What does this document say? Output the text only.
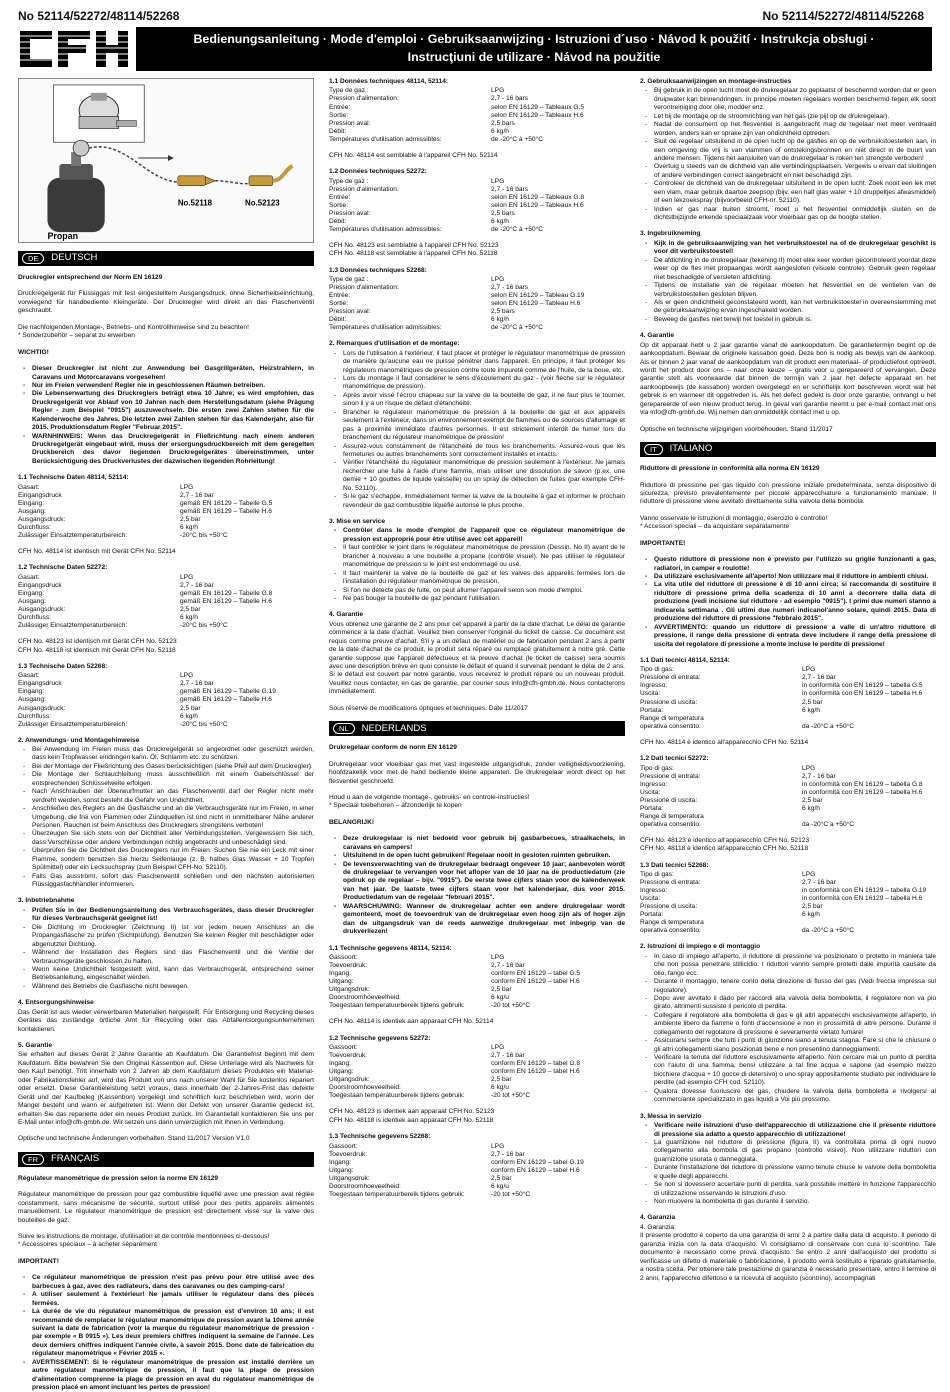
No 52114/52272/48114/52268	No 52114/52272/48114/52268
Bedienungsanleitung · Mode d'emploi · Gebruiksaanwijzing · Istruzioni d´uso · Návod k použití · Instrukcja obsługi ·
Instrucţiuni de utilizare · Návod na použitie
Propan
No.52118	No.52123
DE	DEUTSCH
Druckregler entsprechend der Norm EN 16129
Druckregelgerät für Flüssiggas mit fest eingestelltem Ausgangsdruck, ohne Sicherheitseinrichtung, vorwiegend für handbediente Kleingeräte. Der Druckregler wird direkt an das Flaschenventil geschraubt.
Die nachfolgenden Montage-, Betriebs- und Kontrollhinweise sind zu beachten!
* Sonderzubehör – separat zu erwerben
WICHTIG!
- Dieser Druckregler ist nicht zur Anwendung bei Gasgrillgeräten, Heizstrahlern, in Caravans und Motorcaravans vorgesehen!
- Nur im Freien verwenden! Regler nie in geschlossenen Räumen betreiben.
- Die Lebenserwartung des Druckreglers beträgt etwa 10 Jahre; es wird empfohlen, das Druckregelgerät vor Ablauf von 10 Jahren nach dem Herstellungsdatum (siehe Prägung Regler - zum Beispiel "0915") auszuwechseln. Die ersten zwei Zahlen stehen für die Kalenderwoche des Jahres. Die letzten zwei Zahlen stehen für das Kalenderjahr, also für 2015. Produktionsdatum Regler "Februar 2015".
- WARNHINWEIS: Wenn das Druckregelgerät in Fließrichtung nach einem anderen Druckregelgerät eingebaut wird, muss der ersorgungsdruckbereich mit dem geregelten Druckbereich des davor liegenden Druckregelgerätes übereinstimmen, unter Berücksichtigung des Druckverlustes der dazwischen liegenden Rohrleitung!
1.1 Technische Daten 48114, 52114:
Gasart:	LPG
Eingangsdruck	2,7 - 16 bar
Eingang:	gemäß EN 16129 – Tabelle G.5
Ausgang:	gemäß EN 16129 – Tabelle H.6
Ausgangsdruck:	2,5 bar
Durchfluss:	6 kg/h
Zulässiger Einsatztemperaturbereich:	-20°C bis +50°C
CFH No. 48114 ist identisch mit Gerät CFH No. 52114
1.2 Technische Daten 52272:
Gasart:	LPG
Eingangsdruck	2,7 - 16 bar
Eingang:	gemäß EN 16129 – Tabelle G.8
Ausgang:	gemäß EN 16129 – Tabelle H.6
Ausgangsdruck:	2,5 bar
Durchfluss:	6 kg/h
Zulässiger Einsatztemperaturbereich:	-20°C bis +50°C
CFH No. 48123 ist identisch mit Gerät CFH No. 52123
CFH No. 48118 ist identisch mit Gerät CFH No. 52118
1.3 Technische Daten 52268:
Gasart:	LPG
Eingangsdruck	2,7 - 16 bar
Eingang:	gemäß EN 16129 – Tabelle G.19
Ausgang:	gemäß EN 16129 – Tabelle H.6
Ausgangsdruck:	2,5 bar
Durchfluss:	6 kg/h
Zulässiger Einsatztemperaturbereich:	-20°C bis +50°C
2. Anwendungs- und Montagehinweise
- Bei Anwendung im Freien muss das Druckregelgerät so angeordnet oder geschützt werden, dass kein Tropfwasser eindringen kann. Öl, Schlamm etc. zu schützen.
- Bei der Montage der Fließrichtung des Gases berücksichtigen (siehe Pfeil auf dem Druckregler).
- Die Montage der Schlauchleitung muss ausschließlich mit einem Gabelschlüssel der entsprechenden Schlüsselweite erfolgen.
- Nach Anschrauben der Überwurfmutter an das Flaschenventil darf der Regler nicht mehr verdreht werden, sonst besteht die Gefahr von Undichtheit.
- Anschließen des Reglers an die Gasflasche und an die Verbrauchsgeräte nur im Freien, in einer Umgebung, die frei von Flammen oder Zündquellen ist und nicht in unmittelbarer Nähe anderer Personen. Rauchen ist beim Anschluss des Druckreglers strengstens verboten!
- Überzeugen Sie sich stets von der Dichtheit aller Verbindungsstellen. Vergewissern Sie sich, dass Verschlüsse oder andere Verbindungen richtig angebracht und unbeschädigt sind.
- Überprüfen Sie die Dichtheit des Druckreglers nur im Freien. Suchen Sie nie ein Leck mit einer Flamme, sondern benutzen Sie hierzu Seifenlauge (z. B. halbes Glas Wasser + 10 Tropfen Spülmittel) oder ein Lecksuchspray (zum Beispiel CFH-No. 52110).
- Falls Gas ausströmt, sofort das Flaschenventil schließen und den nächsten autorisierten Flüssiggasfachhändler informieren.
3. Inbetriebnahme
- Prüfen Sie in der Bedienungsanleitung des Verbrauchsgerätes, dass dieser Druckregler für dieses Verbrauchsgerät geeignet ist!
- Die Dichtung im Druckregler (Zeichnung II) ist vor jedem neuen Anschluss an die Propangasflasche zu prüfen (Sichtprüfung). Benutzen Sie keinen Regler mit beschädigter oder abgenutzter Dichtung.
- Während der Installation des Reglers sind das Flaschenventil und die Ventile der Verbrauchsgeräte geschlossen zu halten.
- Wenn keine Undichtheit festgestellt wird, kann das Verbrauchsgerät, entsprechend seiner Betriebsanleitung, eingeschaltet werden.
- Während des Betriebs die Gasflasche nicht bewegen.
4. Entsorgungshinweise
Das Gerät ist aus wieder verwertbaren Materialien hergestellt. Für Entsorgung und Recycling dieses Gerätes das zuständige örtliche Amt für Recycling oder das Abfallentsorgungsunternehmen kontaktieren.
5. Garantie
Sie erhalten auf dieses Gerät 2 Jahre Garantie ab Kaufdatum. Die Garantiefrist beginnt mit dem Kaufdatum. Bitte bewahren Sie den Original Kassenbon auf. Diese Unterlage wird als Nachweis für den Kauf benötigt. Tritt innerhalb von 2 Jahren ab dem Kaufdatum dieses Produktes ein Material- oder Fabrikationsfehler auf, wird das Produkt von uns nach unserer Wahl für Sie kostenlos repariert oder ersetzt. Diese Garantieleistung setzt voraus, dass innerhalb der 2-Jahres-Frist das defekte Gerät und der Kaufbeleg (Kassenbon) vorgelegt und schriftlich kurz beschrieben wird, worin der Mangel besteht und wann er aufgetreten ist. Wenn der Defekt von unserer Garantie gedeckt ist, erhalten Sie das reparierte oder ein neues Produkt zurück. Im Garantiefall kontaktieren Sie uns per E-Mail unter info@cfh-gmbh.de. Wir setzen uns dann unverzüglich mit Ihnen in Verbindung.
Optische und technische Änderungen vorbehalten. Stand 11/2017 Version V1.0
FR	FRANÇAIS
Régulateur manométrique de pression selon la norme EN 16129
Régulateur manométrique de pression pour gaz combustible liquéfié avec une pression aval réglée constamment, sans mécanisme de sécurité, surtout utilisé pour des petits appareils alimentés manuellement. Le régulateur manométrique de pression est directement vissé sur la valve des bouteilles de gaz.
Suive les instructions de montage, d'utilisation et de contrôle mentionnées ci-dessous!
* Accessoires spéciaux – à acheter séparément
IMPORTANT!
- Ce régulateur manométrique de pression n'est pas prévu pour être utilisé avec des barbecues à gaz, avec des radiateurs, dans des caravanes ou des camping-cars!
- A utiliser seulement à l'extérieur! Ne jamais utiliser le régulateur dans des pièces fermées.
- La durée de vie du régulateur manométrique de pression est d'environ 10 ans; il est recommandé de remplacer le régulateur manométrique de pression avant la 10ème année suivant la date de fabrication (voir la marque du régulateur manométrique de pression - par exemple « B 0915 »). Les deux premiers chiffres indiquent la semaine de l'année. Les deux derniers chiffres indiquent l'année civile, à savoir 2015. Donc date de fabrication du régulateur manométrique « Février 2015 ».
- AVERTISSEMENT: Si le régulateur manométrique de pression est installé derrière un autre régulateur manométrique de pression, il faut que la plage de pression d'alimentation comprenne la plage de pression en aval du régulateur manométrique de pression placé en amont incluant les pertes de pression!
1.1 Données techniques 48114, 52114:
Type de gaz :	LPG
Pression d'alimentation:	2,7 - 16 bars
Entrée:	selon EN 16129 – Tableaux G.5
Sortie:	selon EN 16129 – Tableaux H.6
Pression aval:	2,5 bars
Débit:	6 kg/h
Températures d'utilisation admissibles:	de -20°C à +50°C
CFH No. 48114 est semblable à l'appareil CFH No. 52114
1.2 Données techniques 52272:
Type de gaz :	LPG
Pression d'alimentation:	2,7 - 16 bars
Entrée:	selon EN 16129 – Tableaux G.8
Sortie:	selon EN 16129 – Tableaux H.6
Pression aval:	2,5 bars
Débit:	6 kg/h
Températures d'utilisation admissibles:	de -20°C à +50°C
CFH No. 48123 est semblable à l'appareil CFH No. 52123
CFH No. 48118 est semblable à l'appareil CFH No. 52118
1.3 Données techniques 52268:
Type de gaz :	LPG
Pression d'alimentation:	2,7 - 16 bars
Entrée:	selon EN 16129 – Tableau G.19
Sortie:	selon EN 16129 – Tableau H.6
Pression aval:	2,5 bars
Débit:	6 kg/h
Températures d'utilisation admissibles:	de -20°C à +50°C
2. Remarques d'utilisation et de montage:
- Lors de l'utilisation à l'extérieur, il faut placer et protéger le régulateur manométrique de pression de manière qu'aucune eau ne puisse pénétrer dans l'appareil. En principe, il faut protéger les régulateurs manométriques de pression contre toute impureté comme de l'huile, de la boue, etc.
- Lors du montage il faut considérer le sens d'écoulement du gaz - (voir flèche sur le régulateur manométrique de pression).
- Après avoir vissé l'écrou chapeau sur la valve de la bouteille de gaz, il ne faut plus le tourner, sinon il y a un risque de défaut d'étanchéité.
- Brancher le régulateur manométrique de pression à la bouteille de gaz et aux appareils seulement à l'extérieur, dans un environnement exempt de flammes ou de sources d'allumage et pas à proximité immédiate d'autres personnes. Il est strictement interdit de fumer lors du branchement du régulateur manométrique de pression!
- Assurez-vous constamment de l'étanchéité de tous les branchements. Assurez-vous que les fermetures ou autres branchements sont correctement installés et intacts.
- Vérifier l'étanchéité du régulateur manométrique de pression seulement à l'extérieur. Ne jamais rechercher une fuite à l'aide d'une flamme, mais utiliser une dissolution de savon (p.ex. une demie + 10 gouttes de liquide vaisselle) ou un spray de détection de fuites (par exemple CFH-No. 52110).
- Si le gaz s'échappe, immédiatement fermer la valve de la bouteille à gaz et informer le prochain revendeur de gaz combustible liquéfié autorisé le plus proche.
3. Mise en service
- Contrôler dans le mode d'emploi de l'appareil que ce régulateur manométrique de pression est approprié pour être utilisé avec cet appareil!
- Il faut contrôler le joint dans le régulateur manométrique de pression (Dessin. No II) avant de le brancher à nouveau à une bouteille à propane (contrôle visuel). Ne pas utiliser le régulateur manométrique de pression si le joint est endommagé ou usé.
- Il faut maintenir la valve de la bouteille de gaz et les valves des appareils fermées lors de l'installation du régulateur manométrique de pression.
- Si l'on ne détecte pas de fuite, on peut allumer l'appareil selon son mode d'emploi.
- Ne pas bouger la bouteille de gaz pendant l'utilisation.
4. Garantie
Vous obtenez une garantie de 2 ans pour cet appareil à partir de la date d'achat. Le délai de garantie commence à la date d'achat. Veuillez bien conserver l'original du ticket de caisse. Ce document est requis comme preuve d'achat. S'il y a un défaut de matériel ou de fabrication pendant 2 ans à partir de la date d'achat de ce produit, le produit sera réparé ou remplacé gratuitement à notre gré. Cette garantie suppose que l'appareil défectueux et la preuve d'achat (le ticket de caisse) sera soumis avec une description brève en quoi consiste le défaut et quand il survenait pendant le délai de 2 ans. Si le défaut est couvert par notre garantie, vous recevrez le produit réparé ou un nouveau produit. Veuillez nous contacter, en cas de garantie, par courier sous info@cfh-gmbh.de. Nous contacterons immédiatement.
Sous réserve de modifications optiques et techniques. Date 11/2017
NL	NEDERLANDS
Drukregelaar conform de norm EN 16129
Drukregelaar voor vloeibaar gas met vast ingestelde uitgangsdruk, zonder veiligheidsvoorziening, hoofdzakelijk voor met de hand bediende kleine apparaten. De drukregelaar wordt direct op het flesventiel geschroefd.
Houd u aan de volgende montage-, gebruiks- en controle-instructies!
* Speciaal toebehoren – afzonderlijk te kopen
BELANGRIJK!
- Deze drukregelaar is niet bedoeld voor gebruik bij gasbarbecues, straalkachels, in caravans en campers!
- Uitsluitend in de open lucht gebruiken! Regelaar nooit in gesloten ruimten gebruiken.
- De levensverwachting van de drukregelaar bedraagt ongeveer 10 jaar; aanbevolen wordt de drukregelaar te vervangen voor het afloper van de 10 jaar na de productiedatum (zie opdruk op de regelaar – bijv. "0915"). De eerste twee cijfers staan voor de kalenderweek van het jaar. De laatste twee cijfers staan voor het kalenderjaar, dus voor 2015. Productiedatum van de regelaar "februari 2015".
- WAARSCHUWING: Wanneer de drukregelaar achter een andere drukregelaar wordt gemonteerd, moet de toevoerdruk van de drukregelaar even hoog zijn als of hoger zijn dan de uitgangsdruk van de reeds aanwezige drukregelaar met inbegrip van de drukverliezen!
1.1 Technische gegevens 48114, 52114:
Gassoort:	LPG
Toevoerdruk:	2,7 - 16 bar
Ingang:	conform EN 16129 – tabel G.5
Uitgang:	conform EN 16129 – tabel H.6
Uitgangsdruk:	2,5 bar
Doorstroomhoeveelheid:	6 kg/u
Toegestaan temperatuurbereik tijdens gebruik:	-20 tot +50°C
CFH No. 48114 is identiek aan apparaat CFH No. 52114
1.2 Technische gegevens 52272:
Gassoort:	LPG
Toevoerdruk:	2,7 - 16 bar
Ingang:	conform EN 16129 – tabel G.8
Uitgang:	conform EN 16129 – tabel H.6
Uitgangsdruk:	2,5 bar
Doorstroomhoeveelheid:	6 kg/u

Toegestaan temperatuurbereik tijdens gebruik:	-20 tot +50°C
CFH No. 48123 is identiek aan apparaat CFH No. 52123
CFH No. 48118 is identiek aan apparaat CFH No. 52118
1.3 Technische gegevens 52268:
Gassoort:	LPG
Toevoerdruk:	2,7 - 16 bar
Ingang:	conform EN 16129 – tabel G.19
Uitgang:	conform EN 16129 – tabel H.6
Uitgangsdruk:	2,5 bar
Doorstroomhoeveelheid:	6 kg/u
Toegestaan temperatuurbereik tijdens gebruik:	-20 tot +50°C
2. Gebruiksaanwijzingen en montage-instructies
- Bij gebruik in de open lucht moet de drukregelaar zo geplaatst of beschermd worden dat er geen druipwater kan binnendringen. In principe moeten regelaars worden beschermd tegen elk soort verontreiniging door olie, modder enz.
- Let bij de montage op de stroomrichting van het gas (zie pijl op de drukregelaar).
- Nadat de consument op het flesventiel is aangebracht mag de regelaar niet meer verdraaid worden, anders kan er sprake zijn van ondichtheid optreden.
- Sluit de regelaar uitsluitend in de open lucht op de gasfles en op de verbruikstoestellen aan, in een omgeving die vrij is van vlammen of ontstekingsbronnen en niet direct in de buurt van andere mensen. Tijdens het aansluiten van de drukregelaar is roken ten strengste verboden!
- Overtuig u steeds van de dichtheid van alle verbindingsplaatsen. Vergewis u ervan dat sluitingen of andere verbindingen correct aangebracht en niet beschadigd zijn.
- Controleer de dichtheid van de drukregelaar uitsluitend in de open lucht. Zoek nooit een lek met een vlam, maar gebruik daartoe zeepsop (bijv. een half glas water + 10 druppeltjes afwasmiddel) of een lekzoekspray (bijvoorbeeld CFH-nr. 52110).
- Indien er gas naar buiten stroomt, moet u het flesventiel onmiddellijk sluiten en de dichtstbijzijnde erkende speciaalzaak voor vloeibaar gas op de hoogte stellen.
3. Ingebruikneming
- Kijk in de gebruiksaanwijzing van het verbruikstoestel na of de drukregelaar geschikt is voor dit verbruikstoestel!
- De afdichting in de drukregelaar (tekening II) moet elke keer worden gecontroleerd voordat deze weer op de fles met propaangas wordt aangesloten (visuele controle). Gebruik geen regelaar met beschadigde of versleten afdichting.
- Tijdens de installatie van de regelaar moeten het flesventiel en de ventielen van de verbruikstoestellen gesloten blijven.
- Als er geen ondichtheid geconstateerd wordt, kan het verbruikstoestel in overeenstemming met de gebruiksaanwijzing ervan ingeschakeld worden.
- Beweeg de gasfles niet terwijl het toestel in gebruik is.
4. Garantie
Op dit apparaat hebt u 2 jaar garantie vanaf de aankoopdatum. De garantietermijn begint op de aankoopdatum. Bewaar de originele kassabon goed. Deze bon is nodig als bewijs van de aankoop. Als er binnen 2 jaar vanaf de aankoopdatum van dit product een materiaal- of productiefout optreedt, wordt het product door ons – naar onze keuze – gratis voor u gerepareerd of vervangen. Deze garantie stelt als voorwaarde dat binnen de termijn van 2 jaar het defecte apparaat en het aankoopbewijs (de kassabon) worden overgelegd en er schriftelijk kort beschreven wordt wat het gebrek is en wanneer dit opgetreden is. Als het defect gedekt is door onze garantie, ontvangt u het gerepareerde of een nieuw product terug. In geval van garantie neemt u per e-mail contact met ons via info@cfh-gmbh.de. Wij nemen dan onmiddellijk contact met u op.
Optische en technische wijzigingen voorbehouden. Stand 11/2017
IT	ITALIANO
Riduttore di pressione in conformità alla norma EN 16129
Riduttore di pressione per gas liquido con pressione iniziale predeterminata, senza dispositivo di sicurezza, previsto prevalentemente per piccole apparecchiature a funzionamento manuale. Il riduttore di pressione viene avvitato direttamente sulla valvola della bombola.
Vanno osservate le istruzioni di montaggio, esercizio e controllo!
* Accessori speciali – da acquistare separatamente
IMPORTANTE!
- Questo riduttore di pressione non è previsto per l'utilizzo su griglie funzionanti a gas, radiatori, in camper e roulotte!
- Da utilizzare esclusivamente all'aperto! Non utilizzare mai il riduttore in ambienti chiusi.
- La vita utile del riduttore di pressione è di 10 anni circa; si raccomanda di sostituire il riduttore di pressione prima della scadenza di 10 anni a decorrere dalla data di produzione (vedi incisione sul riduttore - ad esempio "0915"). I primi due numeri stanno a indicarela settimana . Gli ultimi due numeri indicanol'anno solare, quindi 2015. Data di produzione del riduttore di pressione "febbraio 2015".
- AVVERTIMENTO: quando un riduttore di pressione a valle di un'altro riduttore di pressione, il range della pressione di entrata deve includere il range della pressione di uscita del regolatore di pressione a monte incluse le perdite di pressione!
1.1 Dati tecnici 48114, 52114:
Tipo di gas:	LPG
Pressione di entrata:	2,7 - 16 bar
Ingresso:	in conformità con EN 16129 – tabella G.5
Uscita:	in conformità con EN 16129 – tabella H.6
Pressione di uscita:	2,5 bar
Portata:	6 kg/h
Range di temperatura	
operativa consentito:	da -20°C a +50°C
CFH No. 48114 è identico all'apparecchio CFH No. 52114
1.2 Dati tecnici 52272:
Tipo di gas:	LPG
Pressione di entrata:	2,7 - 16 bar
Ingresso:	in conformità con EN 16129 – tabella G.8
Uscita:	in conformità con EN 16129 – tabella H.6
Pressione di uscita:	2,5 bar
Portata:	6 kg/h
Range di temperatura	
operativa consentito:	da -20°C a +50°C
CFH No. 48123 è identico all'apparecchio CFH No. 52123
CFH No. 48118 è identico all'apparecchio CFH No. 52118
1.3 Dati tecnici 52268:
Tipo di gas:	LPG
Pressione di entrata:	2,7 - 16 bar
Ingresso:	in conformità con EN 16129 – tabella G.19
Uscita:	in conformità con EN 16129 – tabella H.6
Pressione di uscita:	2,5 bar
Portata:	6 kg/h
Range di temperatura	
operativa consentito:	da -20°C a +50°C
2. Istruzioni di impiego e di montaggio
- In caso di impiego all'aperto, il riduttore di pressione va posizionato o protetto in maniera tale che non possa penetrare stillicidio. I riduttori vanno sempre protetti dalle impurità causate da olio, fango ecc.
- Durante il montaggio, tenere conto della direzione di flusso del gas (Vedi freccia impressa sul regolatore).
- Dopo aver avvitato il dado per raccordi alla valvola della bomboletta, il regolatore non va più girato, altrimenti sussiste il pericolo di perdita.
- Collegare il regolatore alla bomboletta di gas e gli altri apparecchi esclusivamente all'aperto, in ambiente libero da fiamme o fonti d'accensione e non in prossimità di altre persone. Durante il collegamento del regolatore di pressione è severamente vietato fumare!
- Assicurarsi sempre che tutti i punti di giunzione siano a tenuta stagna. Fare sì che le chiusure o gli altri collegamenti siano posizionati bene e non presentino danneggiamenti.
- Verificare la tenuta del riduttore esclusivamente all'aperto. Non cercare mai un punto di perdita con l'aiuto di una fiamma, bensì utilizzare a tal fine acqua e sapone (ad esempio mezzo bicchiere d'acqua + 10 gocce di detersivo) o uno spray appositamente studiato per individuare le perdite (ad esempio CFH cod. 52110).
- Qualora dovesse fuoriuscire del gas, chiudere la valvola della bomboletta e rivolgersi al commerciante specializzato in gas liquidi a Voi più prossimo.
3. Messa in servizio
- Verificare nelle istruzioni d'uso dell'apparecchio di utilizzazione che il presente riduttore di pressione sia adatto a questo apparecchio di utilizzazione!
- La guarnizione nel riduttore di pressione (figura II) va controllata prima di ogni nuovo collegamento alla bombola di gas propano (controllo visivo). Non utilizzare riduttori con guarnizione usurata o danneggiata.
- Durante l'installazione del riduttore di pressione vanno tenute chiuse le valvole della bomboletta e quelle degli apparecchi.
- Se non si dovessero accertare punti di perdita, sarà possibile mettere in funzione l'apparecchio di utilizzazione osservando le istruzioni d'uso.
- Non muovere la bomboletta di gas durante il servizio.
4. Garanzia
4. Garanzia:
Il presente prodotto è coperto da una garanzia di anni 2 a partire dalla data di acquisto. Il periodo di garanzia inizia con la data d'acquisto. Vi consigliamo di conservare con cura lo scontrino. Tale documento è necessario come prova d'acquisto. Se entro 2 anni dall'acquisto del prodotto si verificasse un difetto di materiale o fabbricazione, il prodotto verrà sostituito e riparato gratuitamente, a nostra scelta. Per ottenere tale prestazione di garanzia è necessario presentare, entro il termine di 2 anni, l'apparecchio difettoso e la ricevuta di acquisto (scontrino), accompagnati
